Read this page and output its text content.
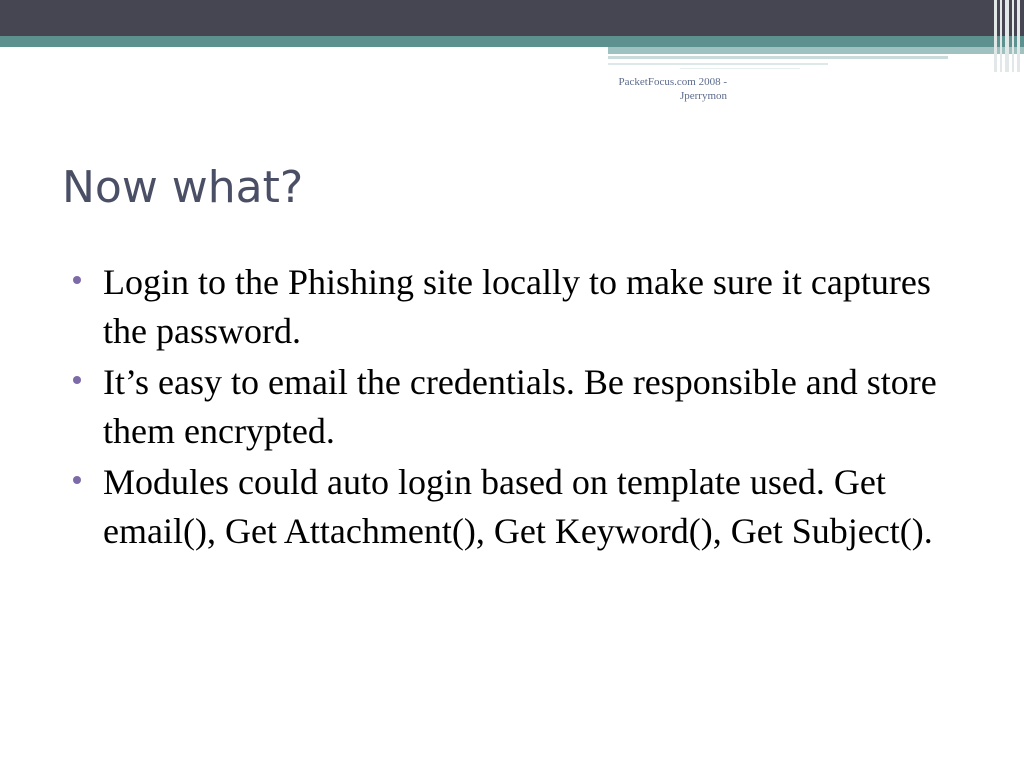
PacketFocus.com 2008 -
Jperrymon
Now what?
Login to the Phishing site locally to make sure it captures the password.
It’s easy to email the credentials. Be responsible and store them encrypted.
Modules could auto login based on template used. Get email(), Get Attachment(), Get Keyword(), Get Subject().
